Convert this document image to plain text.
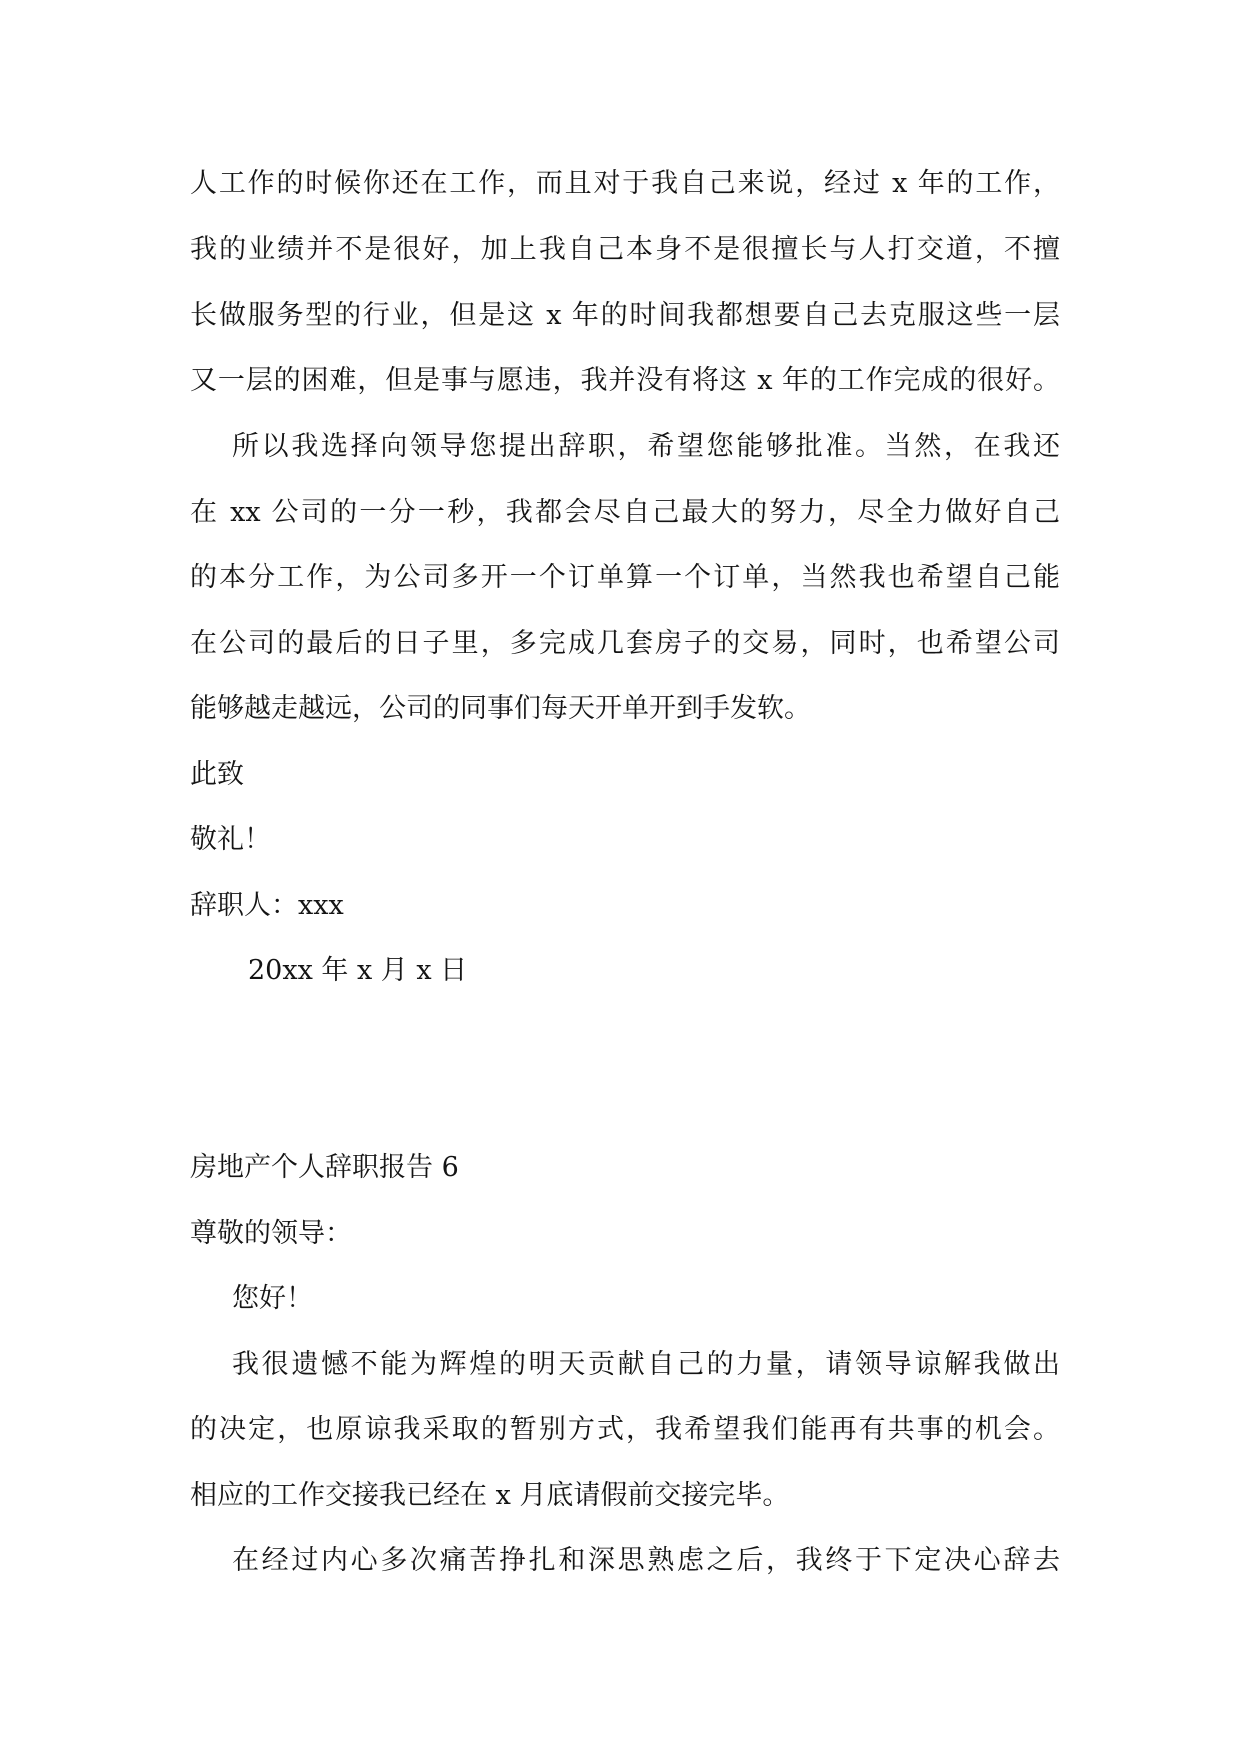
人工作的时候你还在工作，而且对于我自己来说，经过 x 年的工作，
我的业绩并不是很好，加上我自己本身不是很擅长与人打交道，不擅
长做服务型的行业，但是这 x 年的时间我都想要自己去克服这些一层
又一层的困难，但是事与愿违，我并没有将这 x 年的工作完成的很好。
所以我选择向领导您提出辞职，希望您能够批准。当然，在我还
在 xx 公司的一分一秒，我都会尽自己最大的努力，尽全力做好自己
的本分工作，为公司多开一个订单算一个订单，当然我也希望自己能
在公司的最后的日子里，多完成几套房子的交易，同时，也希望公司
能够越走越远，公司的同事们每天开单开到手发软。
此致
敬礼！
辞职人：xxx
20xx 年 x 月 x 日
房地产个人辞职报告 6
尊敬的领导：
您好！
我很遗憾不能为辉煌的明天贡献自己的力量，请领导谅解我做出
的决定，也原谅我采取的暂别方式，我希望我们能再有共事的机会。
相应的工作交接我已经在 x 月底请假前交接完毕。
在经过内心多次痛苦挣扎和深思熟虑之后，我终于下定决心辞去
